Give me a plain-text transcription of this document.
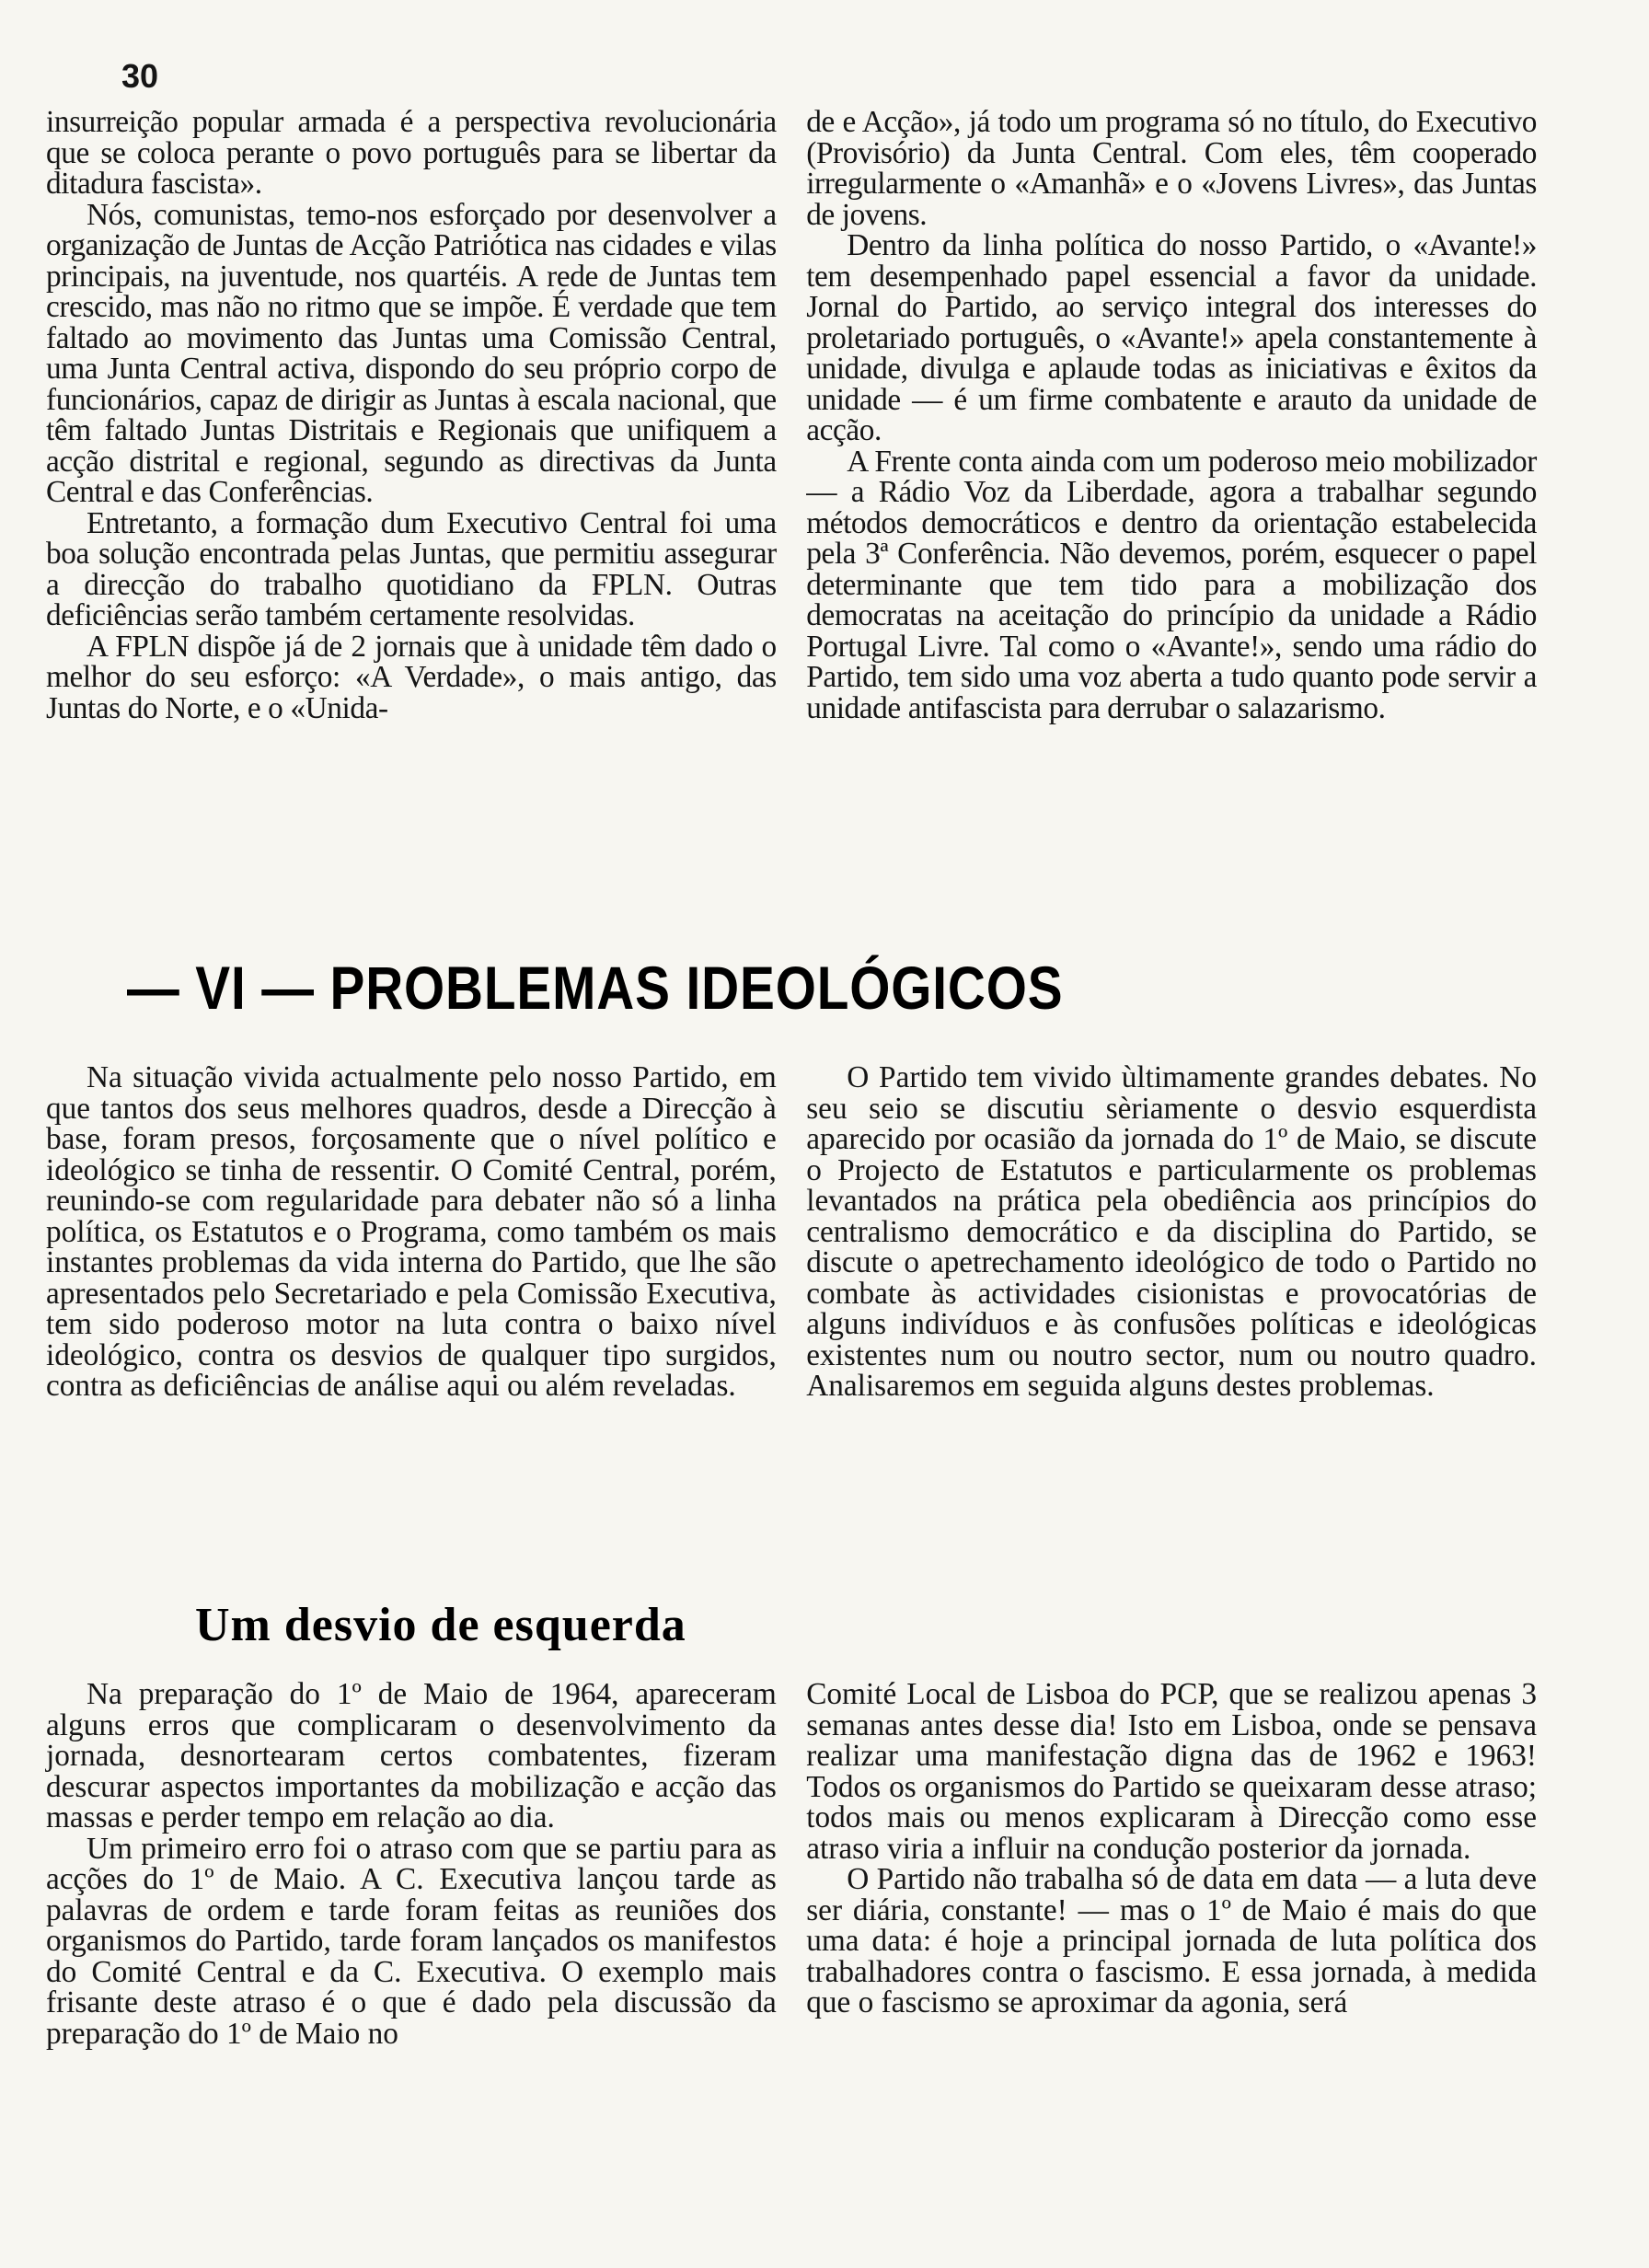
30

insurreição popular armada é a perspectiva revolucionária que se coloca perante o povo português para se libertar da ditadura fascista».

Nós, comunistas, temo-nos esforçado por desenvolver a organização de Juntas de Acção Patriótica nas cidades e vilas principais, na juventude, nos quartéis. A rede de Juntas tem crescido, mas não no ritmo que se impõe. É verdade que tem faltado ao movimento das Juntas uma Comissão Central, uma Junta Central activa, dispondo do seu próprio corpo de funcionários, capaz de dirigir as Juntas à escala nacional, que têm faltado Juntas Distritais e Regionais que unifiquem a acção distrital e regional, segundo as directivas da Junta Central e das Conferências.

Entretanto, a formação dum Executivo Central foi uma boa solução encontrada pelas Juntas, que permitiu assegurar a direcção do trabalho quotidiano da FPLN. Outras deficiências serão também certamente resolvidas.

A FPLN dispõe já de 2 jornais que à unidade têm dado o melhor do seu esforço: «A Verdade», o mais antigo, das Juntas do Norte, e o «Unida-

de e Acção», já todo um programa só no título, do Executivo (Provisório) da Junta Central. Com eles, têm cooperado irregularmente o «Amanhã» e o «Jovens Livres», das Juntas de jovens.

Dentro da linha política do nosso Partido, o «Avante!» tem desempenhado papel essencial a favor da unidade. Jornal do Partido, ao serviço integral dos interesses do proletariado português, o «Avante!» apela constantemente à unidade, divulga e aplaude todas as iniciativas e êxitos da unidade — é um firme combatente e arauto da unidade de acção.

A Frente conta ainda com um poderoso meio mobilizador — a Rádio Voz da Liberdade, agora a trabalhar segundo métodos democráticos e dentro da orientação estabelecida pela 3ª Conferência. Não devemos, porém, esquecer o papel determinante que tem tido para a mobilização dos democratas na aceitação do princípio da unidade a Rádio Portugal Livre. Tal como o «Avante!», sendo uma rádio do Partido, tem sido uma voz aberta a tudo quanto pode servir a unidade antifascista para derrubar o salazarismo.

— VI — PROBLEMAS IDEOLÓGICOS

Na situação vivida actualmente pelo nosso Partido, em que tantos dos seus melhores quadros, desde a Direcção à base, foram presos, forçosamente que o nível político e ideológico se tinha de ressentir. O Comité Central, porém, reunindo-se com regularidade para debater não só a linha política, os Estatutos e o Programa, como também os mais instantes problemas da vida interna do Partido, que lhe são apresentados pelo Secretariado e pela Comissão Executiva, tem sido poderoso motor na luta contra o baixo nível ideológico, contra os desvios de qualquer tipo surgidos, contra as deficiências de análise aqui ou além reveladas.

O Partido tem vivido ùltimamente grandes debates. No seu seio se discutiu sèriamente o desvio esquerdista aparecido por ocasião da jornada do 1º de Maio, se discute o Projecto de Estatutos e particularmente os problemas levantados na prática pela obediência aos princípios do centralismo democrático e da disciplina do Partido, se discute o apetrechamento ideológico de todo o Partido no combate às actividades cisionistas e provocatórias de alguns indivíduos e às confusões políticas e ideológicas existentes num ou noutro sector, num ou noutro quadro. Analisaremos em seguida alguns destes problemas.

Um desvio de esquerda

Na preparação do 1º de Maio de 1964, apareceram alguns erros que complicaram o desenvolvimento da jornada, desnortearam certos combatentes, fizeram descurar aspectos importantes da mobilização e acção das massas e perder tempo em relação ao dia.

Um primeiro erro foi o atraso com que se partiu para as acções do 1º de Maio. A C. Executiva lançou tarde as palavras de ordem e tarde foram feitas as reuniões dos organismos do Partido, tarde foram lançados os manifestos do Comité Central e da C. Executiva. O exemplo mais frisante deste atraso é o que é dado pela discussão da preparação do 1º de Maio no

Comité Local de Lisboa do PCP, que se realizou apenas 3 semanas antes desse dia! Isto em Lisboa, onde se pensava realizar uma manifestação digna das de 1962 e 1963! Todos os organismos do Partido se queixaram desse atraso; todos mais ou menos explicaram à Direcção como esse atraso viria a influir na condução posterior da jornada.

O Partido não trabalha só de data em data — a luta deve ser diária, constante! — mas o 1º de Maio é mais do que uma data: é hoje a principal jornada de luta política dos trabalhadores contra o fascismo. E essa jornada, à medida que o fascismo se aproximar da agonia, será
